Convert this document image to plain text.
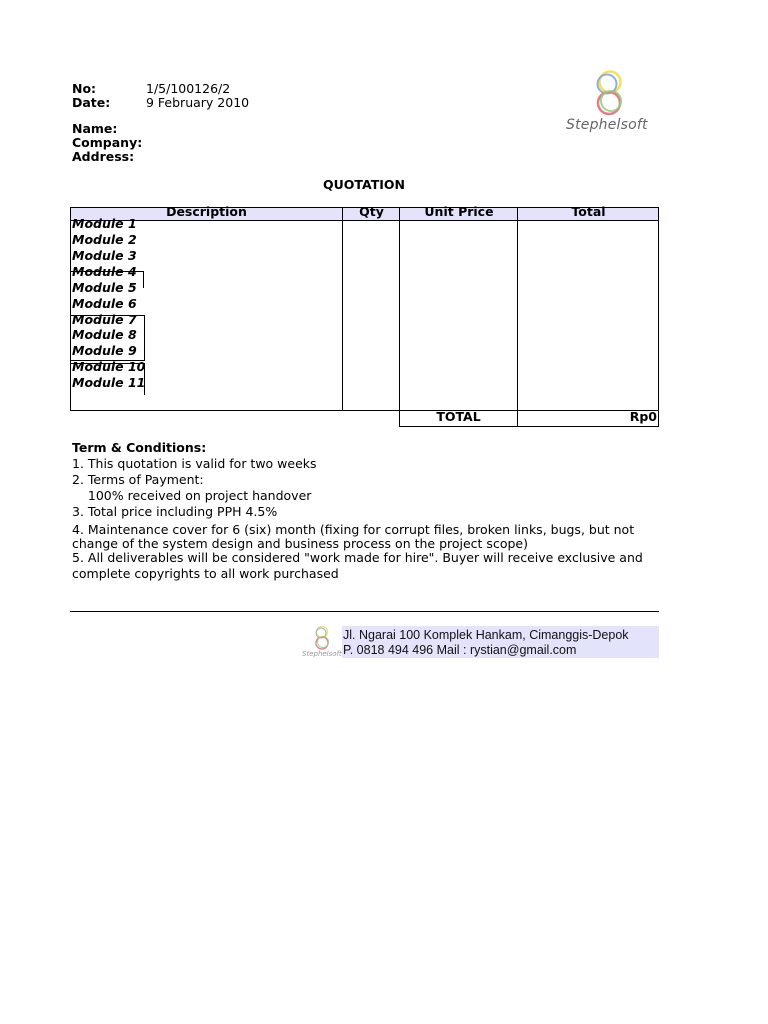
No:	1/5/100126/2
Date:	9 February 2010
Name:
Company:
Address:
Stephelsoft
QUOTATION
Description	Qty	Unit Price	Total
Module 1
Module 2
Module 3
Module 4
Module 5
Module 6
Module 7
Module 8
Module 9
Module 10
Module 11
TOTAL	Rp0
Term & Conditions:
1. This quotation is valid for two weeks
2. Terms of Payment:
100% received on project handover
3. Total price including PPH 4.5%
4. Maintenance cover for 6 (six) month (fixing for corrupt files, broken links, bugs, but not
change of the system design and business process on the project scope)
5. All deliverables will be considered "work made for hire". Buyer will receive exclusive and
complete copyrights to all work purchased
Stephelsoft
Jl. Ngarai 100 Komplek Hankam, Cimanggis-Depok
P. 0818 494 496 Mail : rystian@gmail.com
